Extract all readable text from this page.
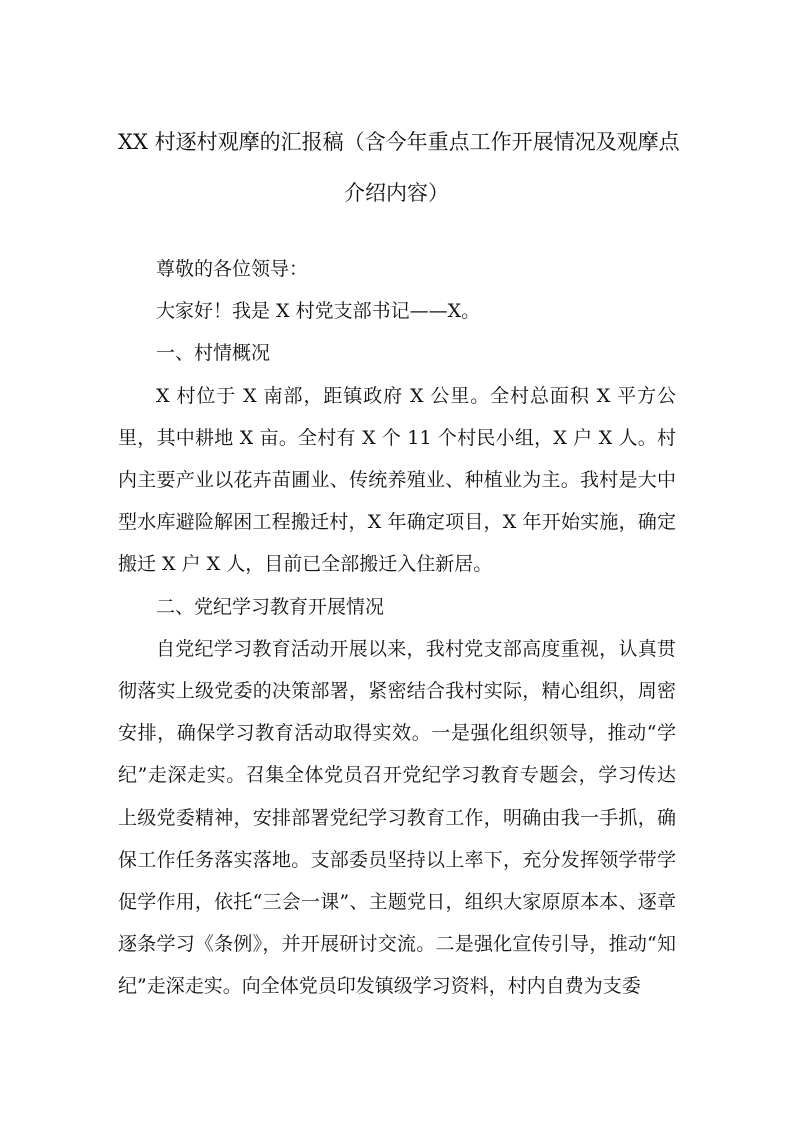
XX 村逐村观摩的汇报稿（含今年重点工作开展情况及观摩点
介绍内容）

尊敬的各位领导：

大家好！我是 X 村党支部书记——X。

一、村情概况

X 村位于 X 南部，距镇政府 X 公里。全村总面积 X 平方公里，其中耕地 X 亩。全村有 X 个 11 个村民小组，X 户 X 人。村内主要产业以花卉苗圃业、传统养殖业、种植业为主。我村是大中型水库避险解困工程搬迁村，X 年确定项目，X 年开始实施，确定搬迁 X 户 X 人，目前已全部搬迁入住新居。

二、党纪学习教育开展情况

自党纪学习教育活动开展以来，我村党支部高度重视，认真贯彻落实上级党委的决策部署，紧密结合我村实际，精心组织，周密安排，确保学习教育活动取得实效。一是强化组织领导，推动“学纪”走深走实。召集全体党员召开党纪学习教育专题会，学习传达上级党委精神，安排部署党纪学习教育工作，明确由我一手抓，确保工作任务落实落地。支部委员坚持以上率下，充分发挥领学带学促学作用，依托“三会一课”、主题党日，组织大家原原本本、逐章逐条学习《条例》，并开展研讨交流。二是强化宣传引导，推动“知纪”走深走实。向全体党员印发镇级学习资料，村内自费为支委
